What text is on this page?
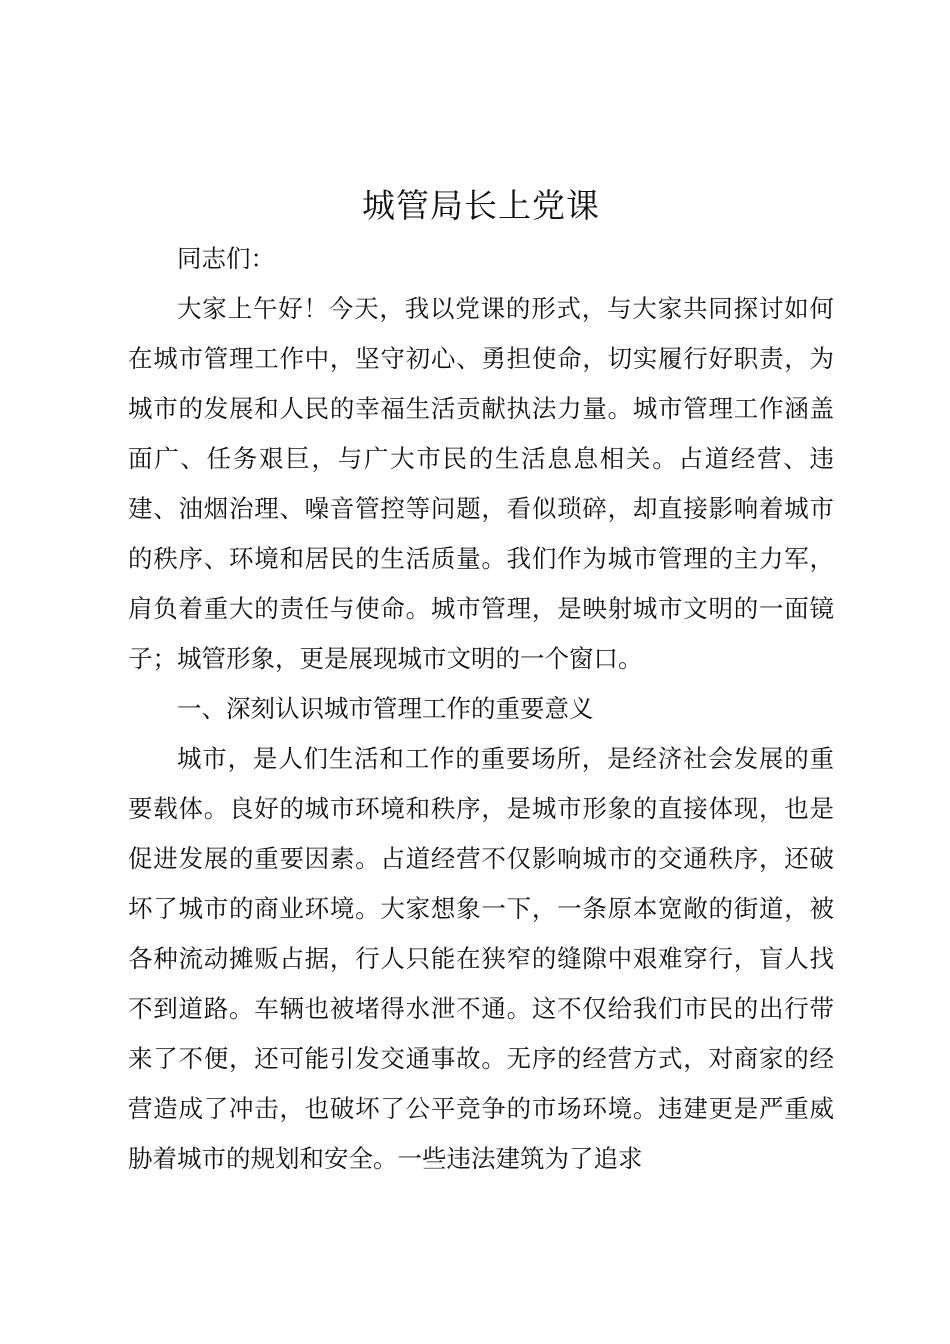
城管局长上党课

同志们：

大家上午好！今天，我以党课的形式，与大家共同探讨如何在城市管理工作中，坚守初心、勇担使命，切实履行好职责，为城市的发展和人民的幸福生活贡献执法力量。城市管理工作涵盖面广、任务艰巨，与广大市民的生活息息相关。占道经营、违建、油烟治理、噪音管控等问题，看似琐碎，却直接影响着城市的秩序、环境和居民的生活质量。我们作为城市管理的主力军，肩负着重大的责任与使命。城市管理，是映射城市文明的一面镜子；城管形象，更是展现城市文明的一个窗口。

一、深刻认识城市管理工作的重要意义

城市，是人们生活和工作的重要场所，是经济社会发展的重要载体。良好的城市环境和秩序，是城市形象的直接体现，也是促进发展的重要因素。占道经营不仅影响城市的交通秩序，还破坏了城市的商业环境。大家想象一下，一条原本宽敞的街道，被各种流动摊贩占据，行人只能在狭窄的缝隙中艰难穿行，盲人找不到道路。车辆也被堵得水泄不通。这不仅给我们市民的出行带来了不便，还可能引发交通事故。无序的经营方式，对商家的经营造成了冲击，也破坏了公平竞争的市场环境。违建更是严重威胁着城市的规划和安全。一些违法建筑为了追求
